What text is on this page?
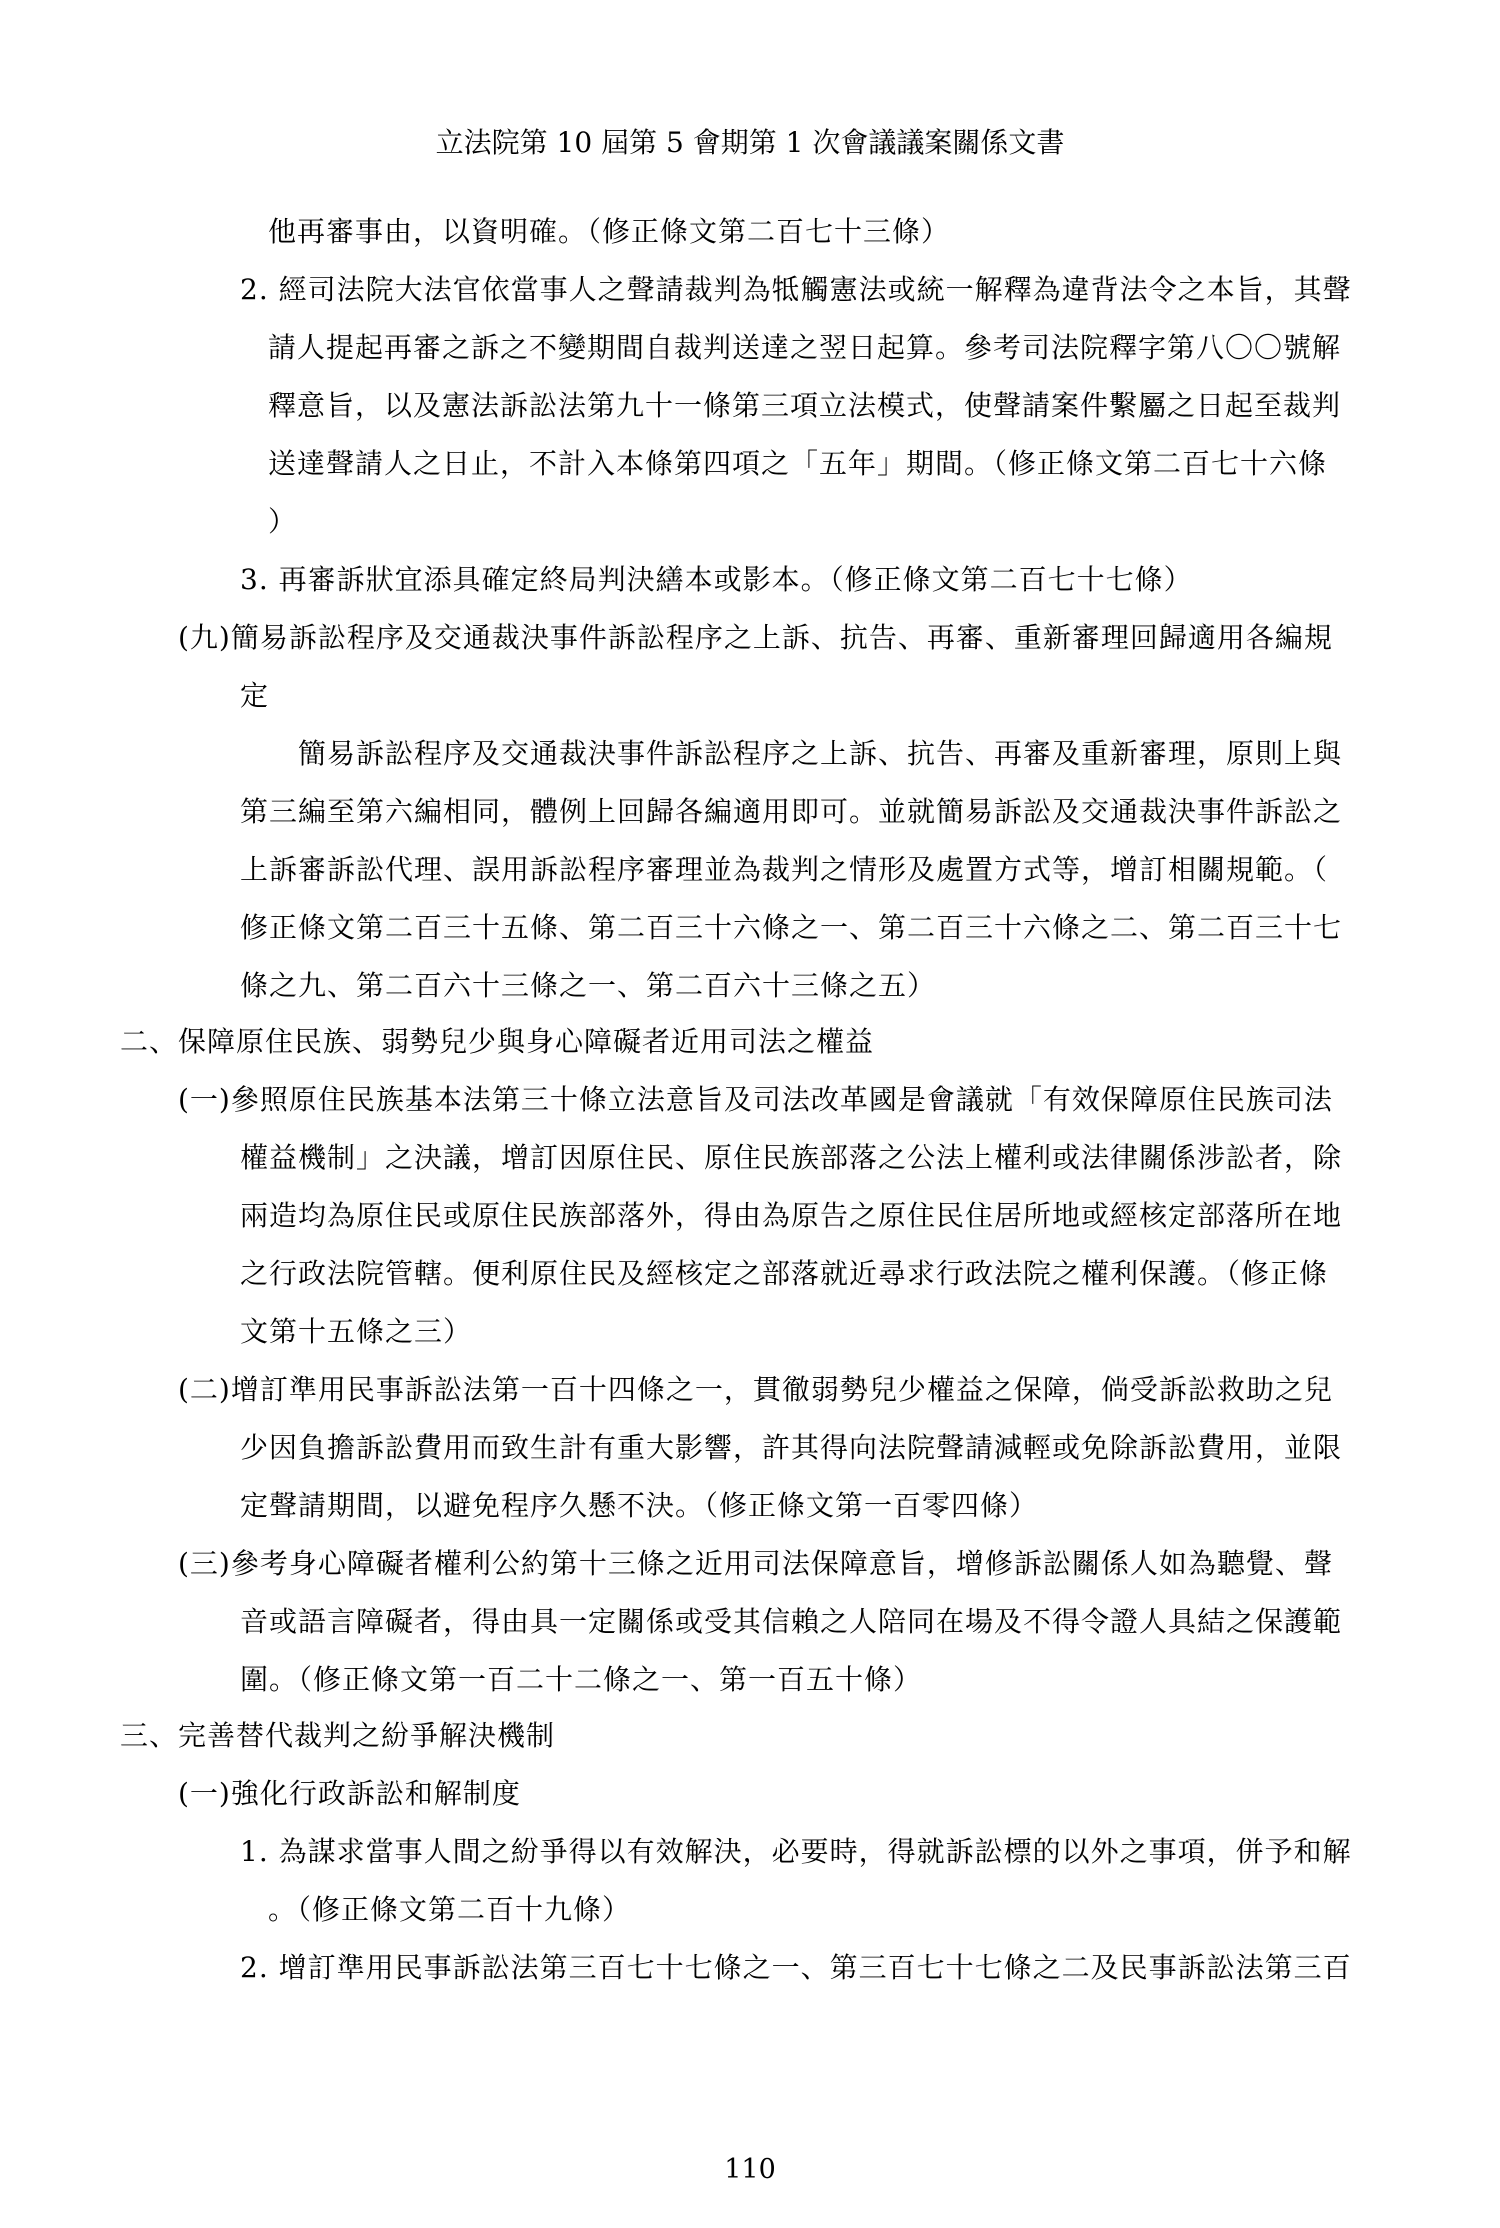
立法院第 10 屆第 5 會期第 1 次會議議案關係文書
他再審事由，以資明確。（修正條文第二百七十三條）
2. 經司法院大法官依當事人之聲請裁判為牴觸憲法或統一解釋為違背法令之本旨，其聲
請人提起再審之訴之不變期間自裁判送達之翌日起算。參考司法院釋字第八〇〇號解
釋意旨，以及憲法訴訟法第九十一條第三項立法模式，使聲請案件繫屬之日起至裁判
送達聲請人之日止，不計入本條第四項之「五年」期間。（修正條文第二百七十六條
）
3. 再審訴狀宜添具確定終局判決繕本或影本。（修正條文第二百七十七條）
(九)簡易訴訟程序及交通裁決事件訴訟程序之上訴、抗告、再審、重新審理回歸適用各編規
定
簡易訴訟程序及交通裁決事件訴訟程序之上訴、抗告、再審及重新審理，原則上與
第三編至第六編相同，體例上回歸各編適用即可。並就簡易訴訟及交通裁決事件訴訟之
上訴審訴訟代理、誤用訴訟程序審理並為裁判之情形及處置方式等，增訂相關規範。（
修正條文第二百三十五條、第二百三十六條之一、第二百三十六條之二、第二百三十七
條之九、第二百六十三條之一、第二百六十三條之五）
二、保障原住民族、弱勢兒少與身心障礙者近用司法之權益
(一)參照原住民族基本法第三十條立法意旨及司法改革國是會議就「有效保障原住民族司法
權益機制」之決議，增訂因原住民、原住民族部落之公法上權利或法律關係涉訟者，除
兩造均為原住民或原住民族部落外，得由為原告之原住民住居所地或經核定部落所在地
之行政法院管轄。便利原住民及經核定之部落就近尋求行政法院之權利保護。（修正條
文第十五條之三）
(二)增訂準用民事訴訟法第一百十四條之一，貫徹弱勢兒少權益之保障，倘受訴訟救助之兒
少因負擔訴訟費用而致生計有重大影響，許其得向法院聲請減輕或免除訴訟費用，並限
定聲請期間，以避免程序久懸不決。（修正條文第一百零四條）
(三)參考身心障礙者權利公約第十三條之近用司法保障意旨，增修訴訟關係人如為聽覺、聲
音或語言障礙者，得由具一定關係或受其信賴之人陪同在場及不得令證人具結之保護範
圍。（修正條文第一百二十二條之一、第一百五十條）
三、完善替代裁判之紛爭解決機制
(一)強化行政訴訟和解制度
1. 為謀求當事人間之紛爭得以有效解決，必要時，得就訴訟標的以外之事項，併予和解
。（修正條文第二百十九條）
2. 增訂準用民事訴訟法第三百七十七條之一、第三百七十七條之二及民事訴訟法第三百
110
